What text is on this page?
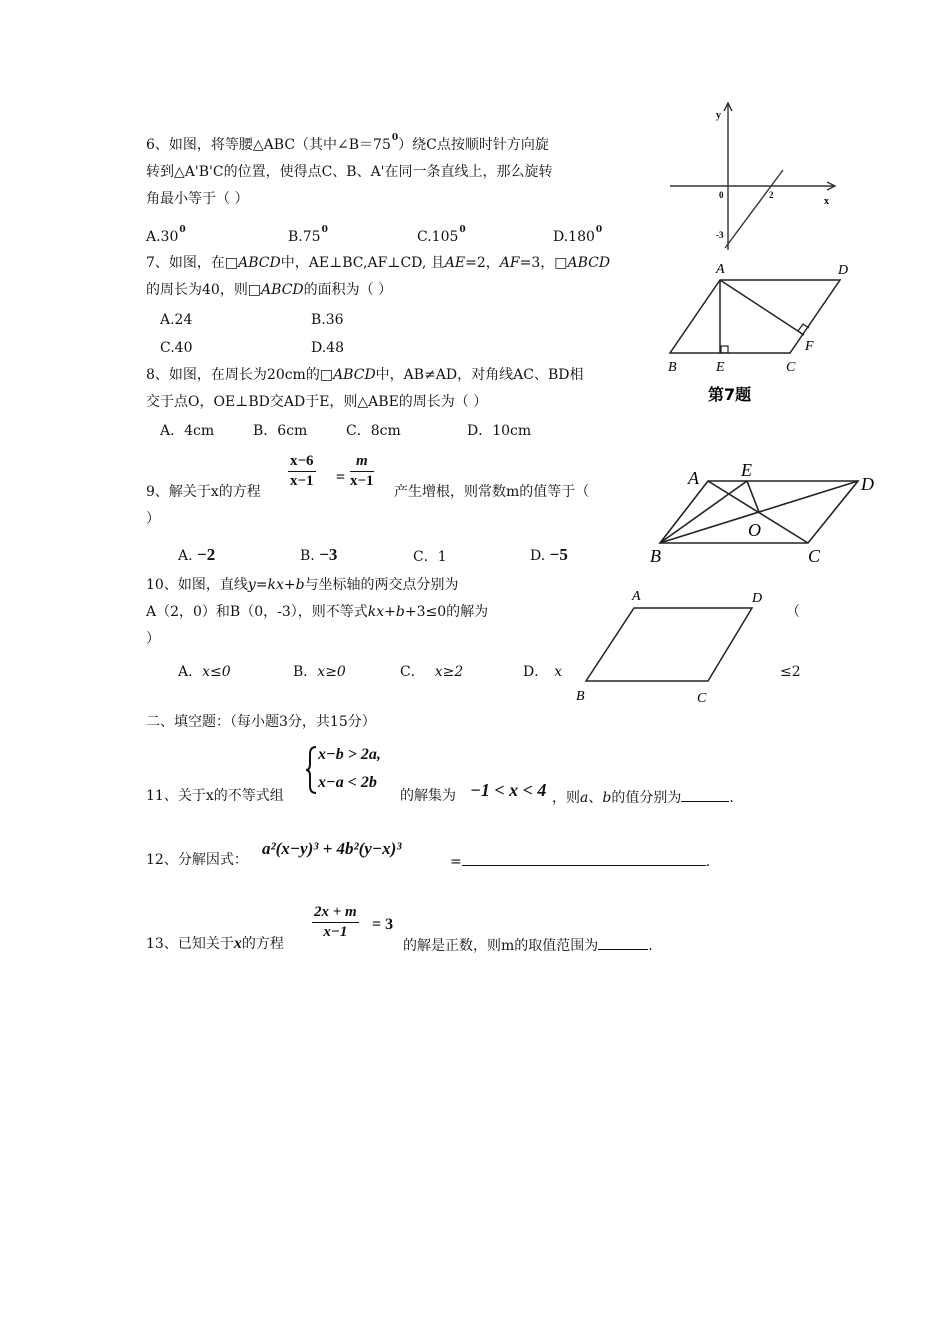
6、如图，将等腰△ABC（其中$\angle B=75^0$）绕C点按顺时针方向旋
转到△A'B'C的位置，使得点C、B、A'在同一条直线上，那么旋转
角最小等于（ ）
$A.30^0$	$B.75^0$	C.105$^0$	D.180$^0$
7、如图，在□ABCD中，AE⊥BC,AF⊥CD, 且AE=2，AF=3，□ABCD
的周长为40，则□ABCD的面积为（ ）
A.24	B.36
C.40	D.48
8、如图，在周长为20cm的□ABCD中，AB≠AD，对角线AC、BD相
交于点O，OE⊥BD交AD于E，则△ABE的周长为（ ）
A．4cm	B．6cm	C．8cm	D．10cm
$\frac{x-6}{x-1} = \frac{m}{x-1}$
9、解关于x的方程	产生增根，则常数m的值等于（
）
A. −2	B. −3	C．1	D. −5
10、如图，直线y=kx+b与坐标轴的两交点分别为
A（2，0）和B（0，-3），则不等式kx+b+3≤0的解为	（
）
A．x≤0	B．x≥0	C． x≥2	D． x	≤2
二、填空题：（每小题3分，共15分）
x−b > 2a,
x−a < 2b
11、关于x的不等式组	的解集为 −1 < x < 4 ，则a、b的值分别为	.
12、分解因式：
a²(x−y)³ + 4b²(y−x)³
=	.
$\frac{2x + m}{x-1} = 3$
13、已知关于x的方程	的解是正数，则m的取值范围为	.
y
x
0	2
-3
A	D
B	E	C
F
第7题
A E
D
O
B	C
A	D
B	C
